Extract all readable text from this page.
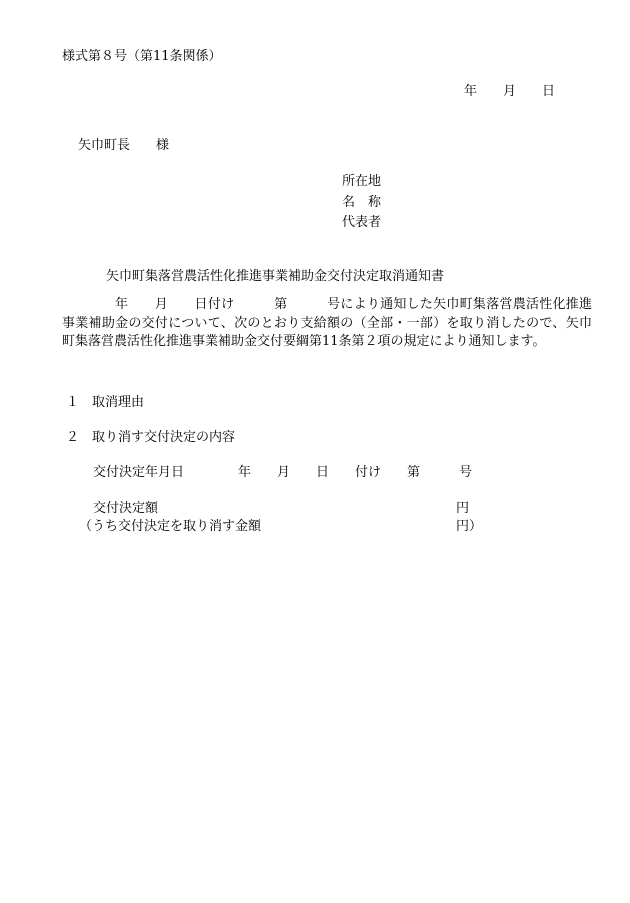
様式第８号（第11条関係）
年　　月　　日
矢巾町長　　様
所在地
名　称
代表者
矢巾町集落営農活性化推進事業補助金交付決定取消通知書
　　　　年　　月　　日付け　　　第　　　号により通知した矢巾町集落営農活性化推進事業補助金の交付について、次のとおり支給額の（全部・一部）を取り消したので、矢巾町集落営農活性化推進事業補助金交付要綱第11条第２項の規定により通知します。
１　取消理由
２　取り消す交付決定の内容
交付決定年月日	年　　月　　日　　付け　　第　　　号
交付決定額	円
（うち交付決定を取り消す金額	円）
